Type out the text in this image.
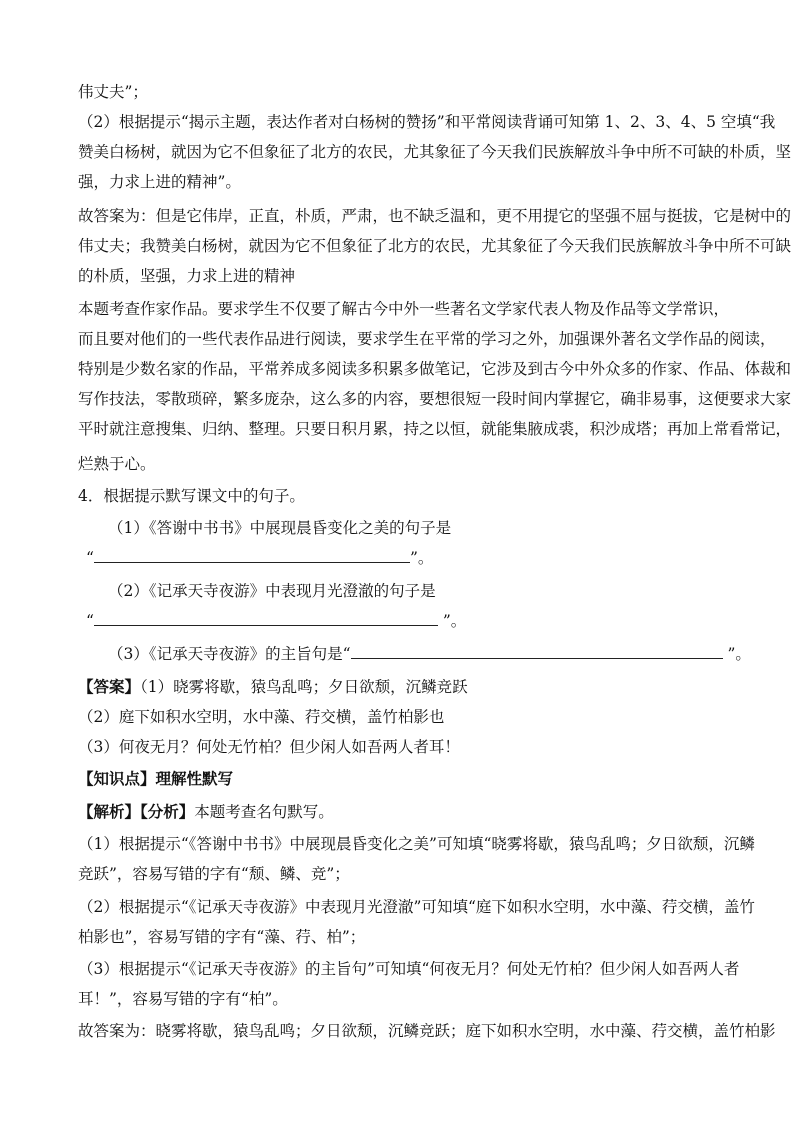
伟丈夫”；
（2）根据提示“揭示主题，表达作者对白杨树的赞扬”和平常阅读背诵可知第 1、2、3、4、5 空填“我
赞美白杨树，就因为它不但象征了北方的农民，尤其象征了今天我们民族解放斗争中所不可缺的朴质，坚
强，力求上进的精神”。
故答案为：但是它伟岸，正直，朴质，严肃，也不缺乏温和，更不用提它的坚强不屈与挺拔，它是树中的
伟丈夫；我赞美白杨树，就因为它不但象征了北方的农民，尤其象征了今天我们民族解放斗争中所不可缺
的朴质，坚强，力求上进的精神
本题考查作家作品。要求学生不仅要了解古今中外一些著名文学家代表人物及作品等文学常识，
而且要对他们的一些代表作品进行阅读，要求学生在平常的学习之外，加强课外著名文学作品的阅读，
特别是少数名家的作品，平常养成多阅读多积累多做笔记，它涉及到古今中外众多的作家、作品、体裁和
写作技法，零散琐碎，繁多庞杂，这么多的内容，要想很短一段时间内掌握它，确非易事，这便要求大家
平时就注意搜集、归纳、整理。只要日积月累，持之以恒，就能集腋成裘，积沙成塔；再加上常看常记，
烂熟于心。
4．根据提示默写课文中的句子。
（1）《答谢中书书》中展现晨昏变化之美的句子是
“	”。
（2）《记承天寺夜游》中表现月光澄澈的句子是
“	”。
（3）《记承天寺夜游》的主旨句是“	”。
【答案】（1）晓雾将歇，猿鸟乱鸣；夕日欲颓，沉鳞竞跃
（2）庭下如积水空明，水中藻、荇交横，盖竹柏影也
（3）何夜无月？何处无竹柏？但少闲人如吾两人者耳！
【知识点】理解性默写
【解析】【分析】本题考查名句默写。
（1）根据提示“《答谢中书书》中展现晨昏变化之美”可知填“晓雾将歇，猿鸟乱鸣；夕日欲颓，沉鳞
竞跃”，容易写错的字有“颓、鳞、竞”；
（2）根据提示“《记承天寺夜游》中表现月光澄澈”可知填“庭下如积水空明，水中藻、荇交横，盖竹
柏影也”，容易写错的字有“藻、荇、柏”；
（3）根据提示“《记承天寺夜游》的主旨句”可知填“何夜无月？何处无竹柏？但少闲人如吾两人者
耳！”，容易写错的字有“柏”。
故答案为：晓雾将歇，猿鸟乱鸣；夕日欲颓，沉鳞竞跃；庭下如积水空明，水中藻、荇交横，盖竹柏影
